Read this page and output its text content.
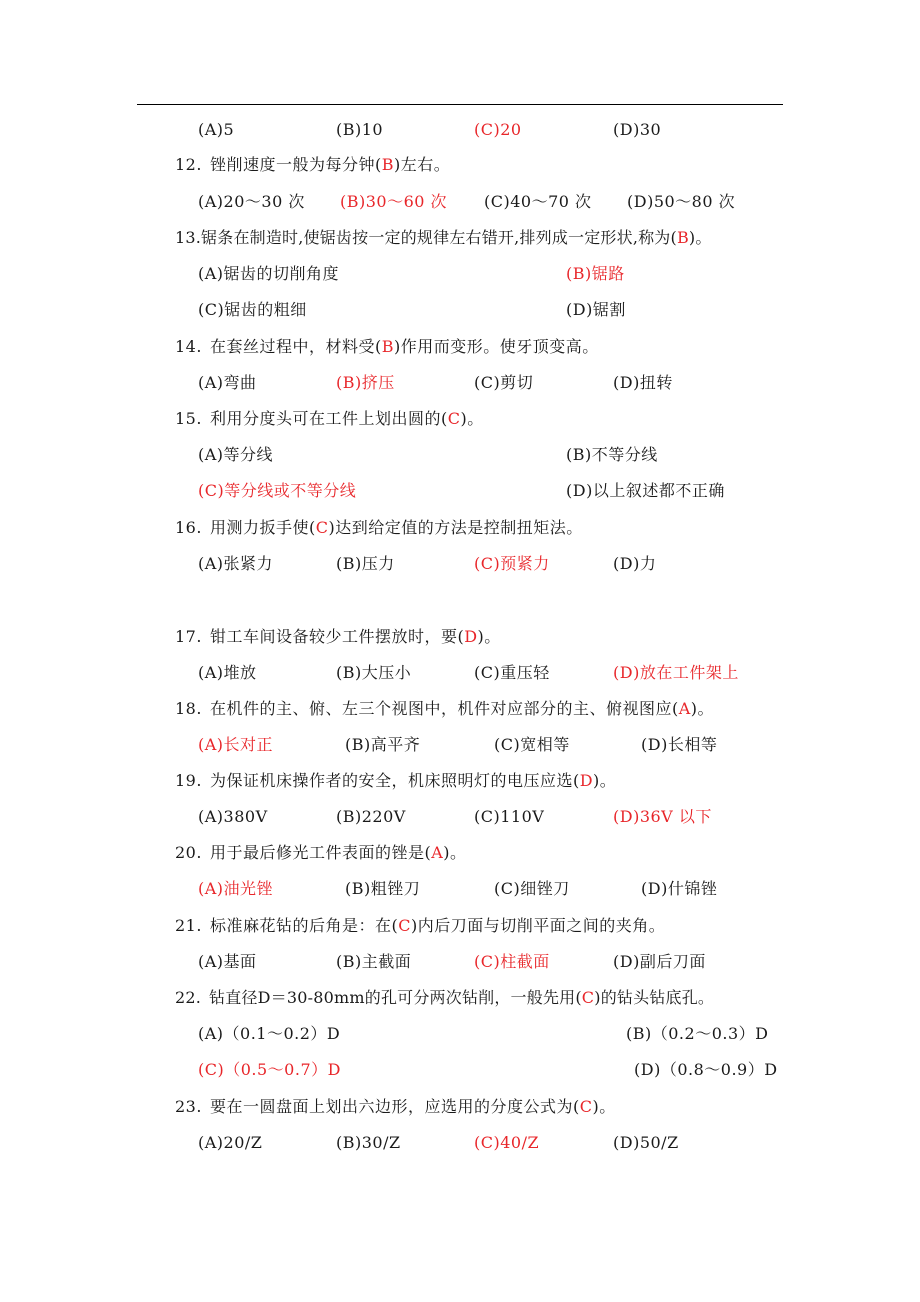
(A)5	(B)10	(C)20	(D)30
12. 锉削速度一般为每分钟(B)左右。
(A)20～30 次 (B)30～60 次 (C)40～70 次 (D)50～80 次
13.锯条在制造时,使锯齿按一定的规律左右错开,排列成一定形状,称为(B)。
(A)锯齿的切削角度	(B)锯路
(C)锯齿的粗细	(D)锯割
14. 在套丝过程中，材料受(B)作用而变形。使牙顶变高。
(A)弯曲	(B)挤压	(C)剪切	(D)扭转
15. 利用分度头可在工件上划出圆的(C)。
(A)等分线	(B)不等分线
(C)等分线或不等分线	(D)以上叙述都不正确
16. 用测力扳手使(C)达到给定值的方法是控制扭矩法。
(A)张紧力	(B)压力	(C)预紧力	(D)力
17. 钳工车间设备较少工件摆放时，要(D)。
(A)堆放	(B)大压小	(C)重压轻	(D)放在工件架上
18. 在机件的主、俯、左三个视图中，机件对应部分的主、俯视图应(A)。
(A)长对正	(B)高平齐	(C)宽相等	(D)长相等
19. 为保证机床操作者的安全，机床照明灯的电压应选(D)。
(A)380V	(B)220V	(C)110V	(D)36V 以下
20. 用于最后修光工件表面的锉是(A)。
(A)油光锉	(B)粗锉刀	(C)细锉刀	(D)什锦锉
21. 标准麻花钻的后角是：在(C)内后刀面与切削平面之间的夹角。
(A)基面	(B)主截面	(C)柱截面	(D)副后刀面
22. 钻直径D＝30-80mm的孔可分两次钻削，一般先用(C)的钻头钻底孔。
(A)（0.1～0.2）D	(B)（0.2～0.3）D
(C)（0.5～0.7）D	(D)（0.8～0.9）D
23. 要在一圆盘面上划出六边形，应选用的分度公式为(C)。
(A)20/Z	(B)30/Z	(C)40/Z	(D)50/Z
